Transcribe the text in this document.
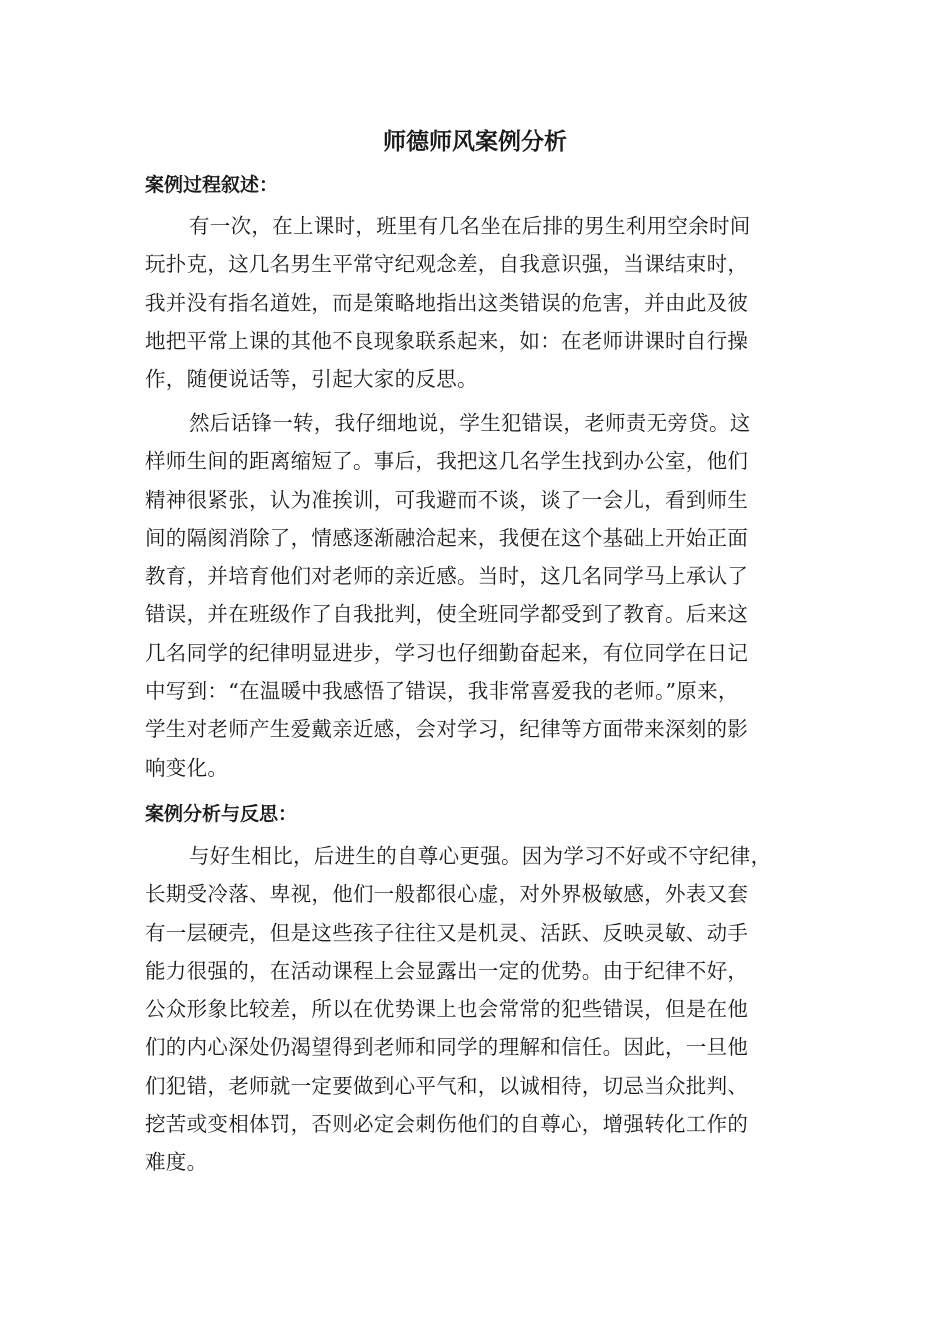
师德师风案例分析
案例过程叙述：

有一次，在上课时，班里有几名坐在后排的男生利用空余时间
玩扑克，这几名男生平常守纪观念差，自我意识强，当课结束时，
我并没有指名道姓，而是策略地指出这类错误的危害，并由此及彼
地把平常上课的其他不良现象联系起来，如：在老师讲课时自行操
作，随便说话等，引起大家的反思。

然后话锋一转，我仔细地说，学生犯错误，老师责无旁贷。这
样师生间的距离缩短了。事后，我把这几名学生找到办公室，他们
精神很紧张，认为准挨训，可我避而不谈，谈了一会儿，看到师生
间的隔阂消除了，情感逐渐融洽起来，我便在这个基础上开始正面
教育，并培育他们对老师的亲近感。当时，这几名同学马上承认了
错误，并在班级作了自我批判，使全班同学都受到了教育。后来这
几名同学的纪律明显进步，学习也仔细勤奋起来，有位同学在日记
中写到：“在温暖中我感悟了错误，我非常喜爱我的老师。”原来，
学生对老师产生爱戴亲近感，会对学习，纪律等方面带来深刻的影
响变化。

案例分析与反思：

与好生相比，后进生的自尊心更强。因为学习不好或不守纪律，
长期受冷落、卑视，他们一般都很心虚，对外界极敏感，外表又套
有一层硬壳，但是这些孩子往往又是机灵、活跃、反映灵敏、动手
能力很强的，在活动课程上会显露出一定的优势。由于纪律不好，
公众形象比较差，所以在优势课上也会常常的犯些错误，但是在他
们的内心深处仍渴望得到老师和同学的理解和信任。因此，一旦他
们犯错，老师就一定要做到心平气和，以诚相待，切忌当众批判、
挖苦或变相体罚，否则必定会刺伤他们的自尊心，增强转化工作的
难度。
